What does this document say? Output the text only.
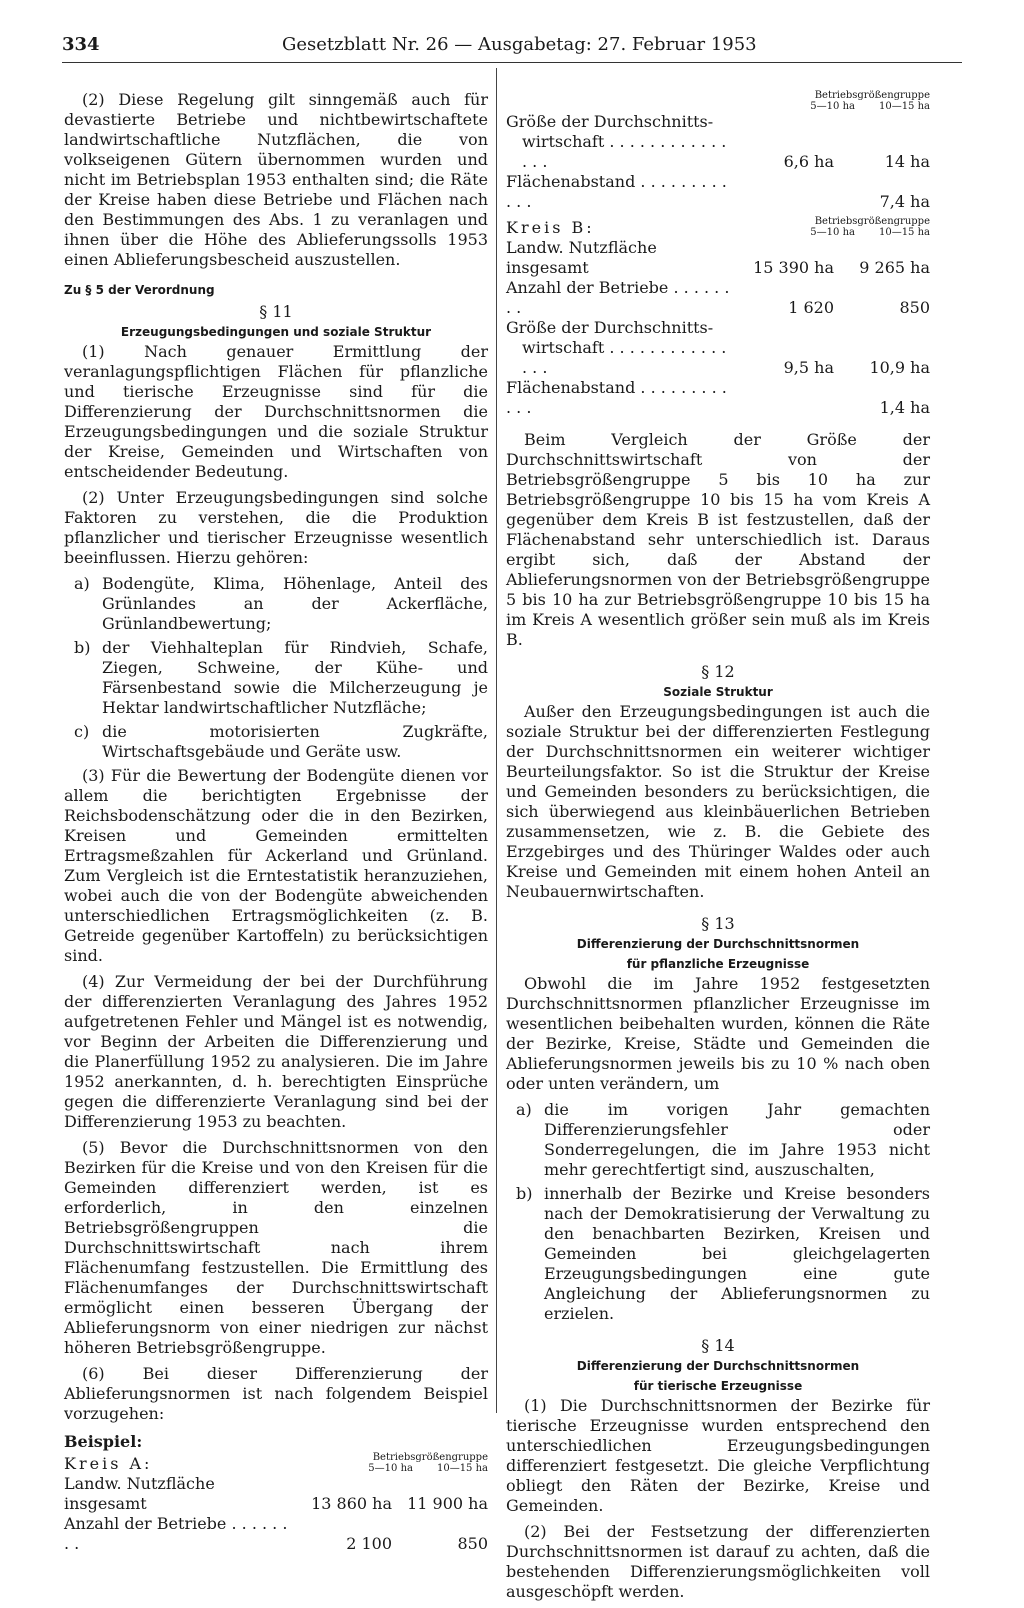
334	Gesetzblatt Nr. 26 — Ausgabetag: 27. Februar 1953

(2) Diese Regelung gilt sinngemäß auch für devastierte Betriebe und nichtbewirtschaftete landwirtschaftliche Nutzflächen, die von volkseigenen Gütern übernommen wurden und nicht im Betriebsplan 1953 enthalten sind; die Räte der Kreise haben diese Betriebe und Flächen nach den Bestimmungen des Abs. 1 zu veranlagen und ihnen über die Höhe des Ablieferungssolls 1953 einen Ablieferungsbescheid auszustellen.

Zu § 5 der Verordnung
§ 11
Erzeugungsbedingungen und soziale Struktur

(1) Nach genauer Ermittlung der veranlagungspflichtigen Flächen für pflanzliche und tierische Erzeugnisse sind für die Differenzierung der Durchschnittsnormen die Erzeugungsbedingungen und die soziale Struktur der Kreise, Gemeinden und Wirtschaften von entscheidender Bedeutung.

(2) Unter Erzeugungsbedingungen sind solche Faktoren zu verstehen, die die Produktion pflanzlicher und tierischer Erzeugnisse wesentlich beeinflussen. Hierzu gehören:

a) Bodengüte, Klima, Höhenlage, Anteil des Grünlandes an der Ackerfläche, Grünlandbewertung;
b) der Viehhalteplan für Rindvieh, Schafe, Ziegen, Schweine, der Kühe- und Färsenbestand sowie die Milcherzeugung je Hektar landwirtschaftlicher Nutzfläche;
c) die motorisierten Zugkräfte, Wirtschaftsgebäude und Geräte usw.

(3) Für die Bewertung der Bodengüte dienen vor allem die berichtigten Ergebnisse der Reichsbodenschätzung oder die in den Bezirken, Kreisen und Gemeinden ermittelten Ertragsmeßzahlen für Ackerland und Grünland. Zum Vergleich ist die Erntestatistik heranzuziehen, wobei auch die von der Bodengüte abweichenden unterschiedlichen Ertragsmöglichkeiten (z. B. Getreide gegenüber Kartoffeln) zu berücksichtigen sind.

(4) Zur Vermeidung der bei der Durchführung der differenzierten Veranlagung des Jahres 1952 aufgetretenen Fehler und Mängel ist es notwendig, vor Beginn der Arbeiten die Differenzierung und die Planerfüllung 1952 zu analysieren. Die im Jahre 1952 anerkannten, d. h. berechtigten Einsprüche gegen die differenzierte Veranlagung sind bei der Differenzierung 1953 zu beachten.

(5) Bevor die Durchschnittsnormen von den Bezirken für die Kreise und von den Kreisen für die Gemeinden differenziert werden, ist es erforderlich, in den einzelnen Betriebsgrößengruppen die Durchschnittswirtschaft nach ihrem Flächenumfang festzustellen. Die Ermittlung des Flächenumfanges der Durchschnittswirtschaft ermöglicht einen besseren Übergang der Ablieferungsnorm von einer niedrigen zur nächst höheren Betriebsgrößengruppe.

(6) Bei dieser Differenzierung der Ablieferungsnormen ist nach folgendem Beispiel vorzugehen:

Beispiel:
Kreis A:	Betriebsgrößengruppe
5—10 ha 10—15 ha	

Landw. Nutzfläche insgesamt	13 860 ha	11 900 ha
Anzahl der Betriebe . . . . . . . .	2 100	850

	Betriebsgrößengruppe
5—10 ha 10—15 ha	

Größe der Durchschnitts-		
wirtschaft . . . . . . . . . . . . . . .	6,6 ha	14 ha
Flächenabstand . . . . . . . . . . . .		7,4 ha
Kreis B:	Betriebsgrößengruppe
5—10 ha 10—15 ha	

Landw. Nutzfläche insgesamt	15 390 ha	9 265 ha
Anzahl der Betriebe . . . . . . . .	1 620	850
Größe der Durchschnitts-		
wirtschaft . . . . . . . . . . . . . . .	9,5 ha	10,9 ha
Flächenabstand . . . . . . . . . . . .		1,4 ha

Beim Vergleich der Größe der Durchschnittswirtschaft von der Betriebsgrößengruppe 5 bis 10 ha zur Betriebsgrößengruppe 10 bis 15 ha vom Kreis A gegenüber dem Kreis B ist festzustellen, daß der Flächenabstand sehr unterschiedlich ist. Daraus ergibt sich, daß der Abstand der Ablieferungsnormen von der Betriebsgrößengruppe 5 bis 10 ha zur Betriebsgrößengruppe 10 bis 15 ha im Kreis A wesentlich größer sein muß als im Kreis B.

§ 12
Soziale Struktur

Außer den Erzeugungsbedingungen ist auch die soziale Struktur bei der differenzierten Festlegung der Durchschnittsnormen ein weiterer wichtiger Beurteilungsfaktor. So ist die Struktur der Kreise und Gemeinden besonders zu berücksichtigen, die sich überwiegend aus kleinbäuerlichen Betrieben zusammensetzen, wie z. B. die Gebiete des Erzgebirges und des Thüringer Waldes oder auch Kreise und Gemeinden mit einem hohen Anteil an Neubauernwirtschaften.

§ 13
Differenzierung der Durchschnittsnormen
für pflanzliche Erzeugnisse

Obwohl die im Jahre 1952 festgesetzten Durchschnittsnormen pflanzlicher Erzeugnisse im wesentlichen beibehalten wurden, können die Räte der Bezirke, Kreise, Städte und Gemeinden die Ablieferungsnormen jeweils bis zu 10 % nach oben oder unten verändern, um

a) die im vorigen Jahr gemachten Differenzierungsfehler oder Sonderregelungen, die im Jahre 1953 nicht mehr gerechtfertigt sind, auszuschalten,
b) innerhalb der Bezirke und Kreise besonders nach der Demokratisierung der Verwaltung zu den benachbarten Bezirken, Kreisen und Gemeinden bei gleichgelagerten Erzeugungsbedingungen eine gute Angleichung der Ablieferungsnormen zu erzielen.
§ 14
Differenzierung der Durchschnittsnormen
für tierische Erzeugnisse

(1) Die Durchschnittsnormen der Bezirke für tierische Erzeugnisse wurden entsprechend den unterschiedlichen Erzeugungsbedingungen differenziert festgesetzt. Die gleiche Verpflichtung obliegt den Räten der Bezirke, Kreise und Gemeinden.

(2) Bei der Festsetzung der differenzierten Durchschnittsnormen ist darauf zu achten, daß die bestehenden Differenzierungsmöglichkeiten voll ausgeschöpft werden.
